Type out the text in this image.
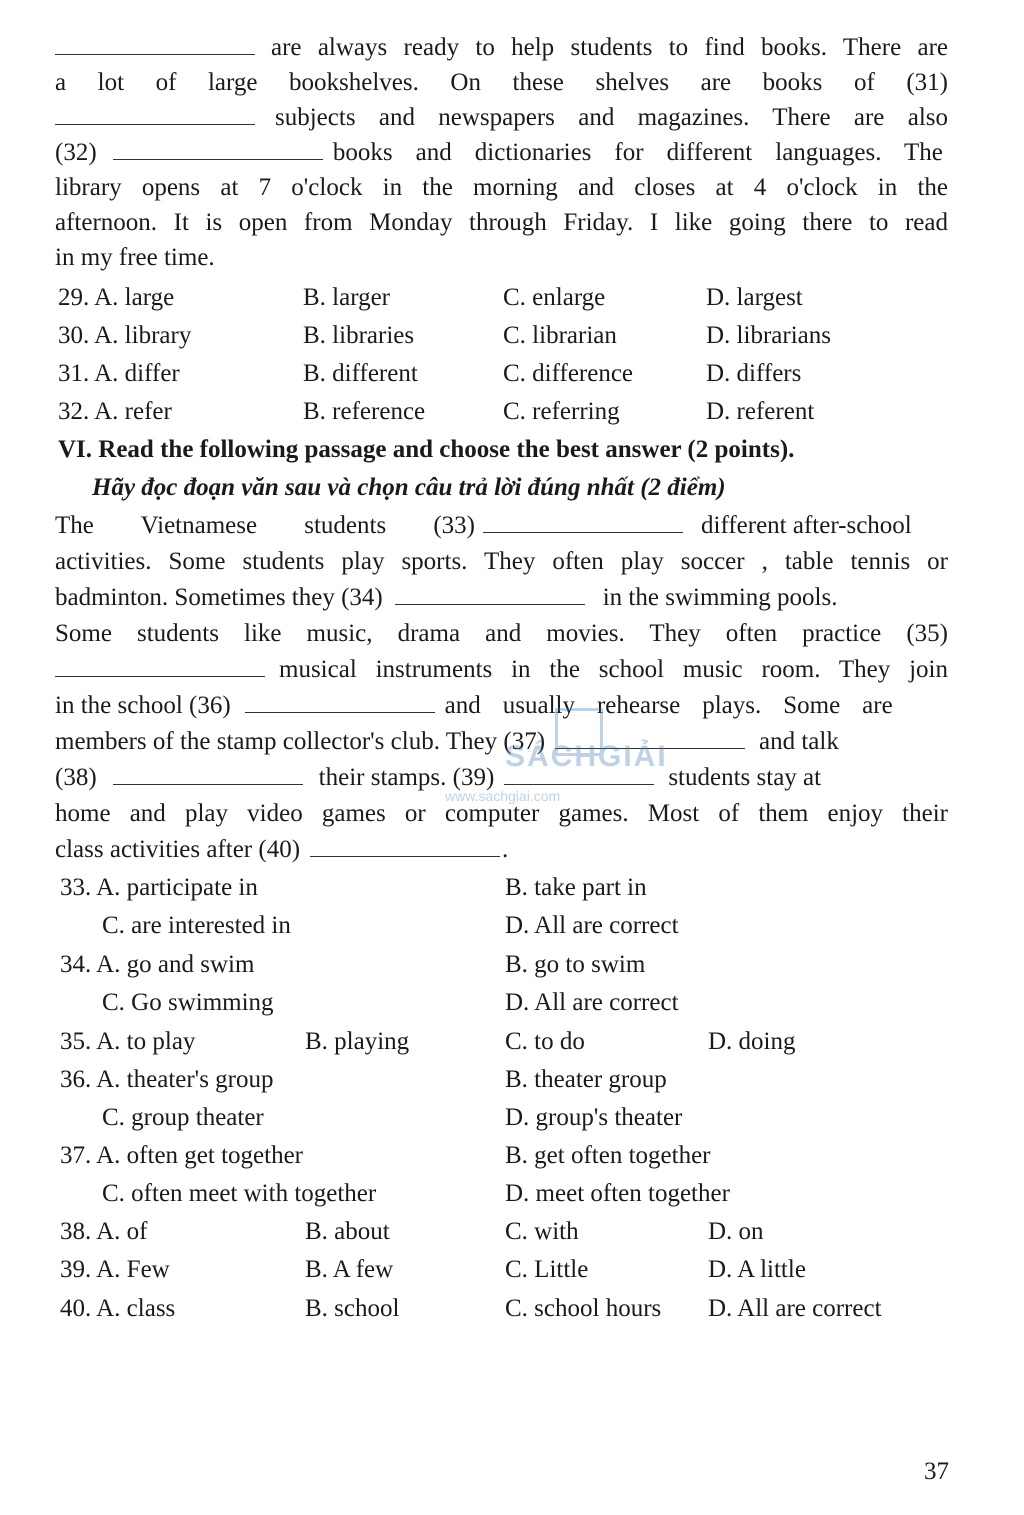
are always ready to help students to find books. There are
a lot of large bookshelves. On these shelves are books of (31)
subjects and newspapers and magazines. There are also
(32)	books and dictionaries for different languages. The
library opens at 7 o'clock in the morning and closes at 4 o'clock in the
afternoon. It is open from Monday through Friday. I like going there to read
in my free time.
29. A. large	B. larger	C. enlarge	D. largest
30. A. library	B. libraries	C. librarian	D. librarians
31. A. differ	B. different	C. difference	D. differs
32. A. refer	B. reference	C. referring	D. referent
VI. Read the following passage and choose the best answer (2 points).
Hãy đọc đoạn văn sau và chọn câu trả lời đúng nhất (2 điểm)
The Vietnamese students (33)	different after-school
activities. Some students play sports. They often play soccer , table tennis or
badminton. Sometimes they (34)	in the swimming pools.
Some students like music, drama and movies. They often practice (35)
musical instruments in the school music room. They join
in the school (36)	and usually rehearse plays. Some are
members of the stamp collector's club. They (37)	and talk
(38)	their stamps. (39)	students stay at
home and play video games or computer games. Most of them enjoy their
class activities after (40)	.
33. A. participate in	B. take part in
C. are interested in	D. All are correct
34. A. go and swim	B. go to swim
C. Go swimming	D. All are correct
35. A. to play	B. playing	C. to do	D. doing
36. A. theater's group	B. theater group
C. group theater	D. group's theater
37. A. often get together	B. get often together
C. often meet with together	D. meet often together
38. A. of	B. about	C. with	D. on
39. A. Few	B. A few	C. Little	D. A little
40. A. class	B. school	C. school hours D. All are correct
SÁCHGIẢI
www.sachgiai.com
37
